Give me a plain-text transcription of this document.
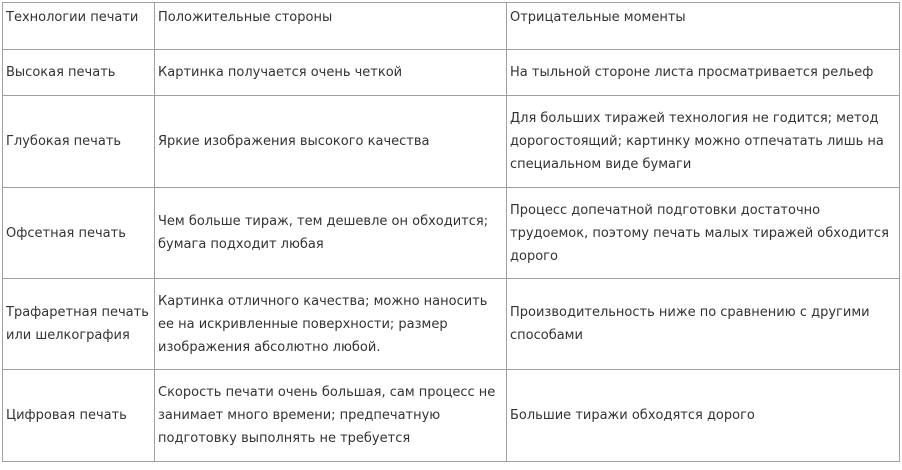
Технологии печати	Положительные стороны	Отрицательные моменты

Высокая печать	Картинка получается очень четкой	На тыльной стороне листа просматривается рельеф

Глубокая печать	Яркие изображения высокого качества	Для больших тиражей технология не годится; метод дорогостоящий; картинку можно отпечатать лишь на специальном виде бумаги

Офсетная печать	Чем больше тираж, тем дешевле он обходится; бумага подходит любая	Процесс допечатной подготовки достаточно трудоемок, поэтому печать малых тиражей обходится дорого

Трафаретная печать или шелкография	Картинка отличного качества; можно наносить ее на искривленные поверхности; размер изображения абсолютно любой.	Производительность ниже по сравнению с другими способами

Цифровая печать	Скорость печати очень большая, сам процесс не занимает много времени; предпечатную подготовку выполнять не требуется	Большие тиражи обходятся дорого
